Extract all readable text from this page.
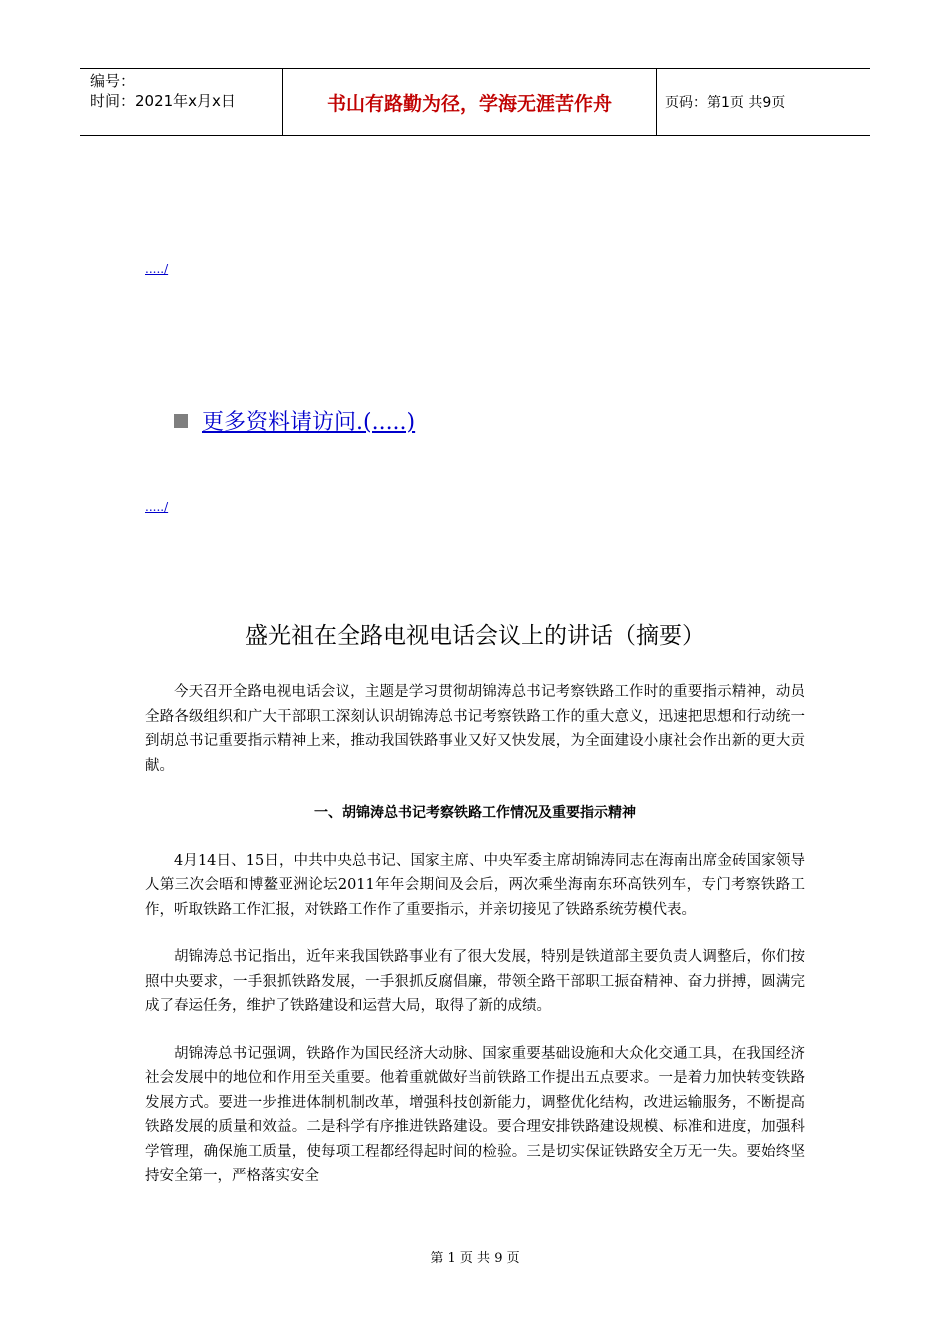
编号：
时间：2021年x月x日	书山有路勤为径，学海无涯苦作舟	页码：第1页 共9页
...../
更多资料请访问.(.....)
...../
盛光祖在全路电视电话会议上的讲话（摘要）

今天召开全路电视电话会议，主题是学习贯彻胡锦涛总书记考察铁路工作时的重要指示精神，动员全路各级组织和广大干部职工深刻认识胡锦涛总书记考察铁路工作的重大意义，迅速把思想和行动统一到胡总书记重要指示精神上来，推动我国铁路事业又好又快发展，为全面建设小康社会作出新的更大贡献。

一、胡锦涛总书记考察铁路工作情况及重要指示精神

4月14日、15日，中共中央总书记、国家主席、中央军委主席胡锦涛同志在海南出席金砖国家领导人第三次会晤和博鳌亚洲论坛2011年年会期间及会后，两次乘坐海南东环高铁列车，专门考察铁路工作，听取铁路工作汇报，对铁路工作作了重要指示，并亲切接见了铁路系统劳模代表。

胡锦涛总书记指出，近年来我国铁路事业有了很大发展，特别是铁道部主要负责人调整后，你们按照中央要求，一手狠抓铁路发展，一手狠抓反腐倡廉，带领全路干部职工振奋精神、奋力拼搏，圆满完成了春运任务，维护了铁路建设和运营大局，取得了新的成绩。

胡锦涛总书记强调，铁路作为国民经济大动脉、国家重要基础设施和大众化交通工具，在我国经济社会发展中的地位和作用至关重要。他着重就做好当前铁路工作提出五点要求。一是着力加快转变铁路发展方式。要进一步推进体制机制改革，增强科技创新能力，调整优化结构，改进运输服务，不断提高铁路发展的质量和效益。二是科学有序推进铁路建设。要合理安排铁路建设规模、标准和进度，加强科学管理，确保施工质量，使每项工程都经得起时间的检验。三是切实保证铁路安全万无一失。要始终坚持安全第一，严格落实安全

第 1 页 共 9 页
